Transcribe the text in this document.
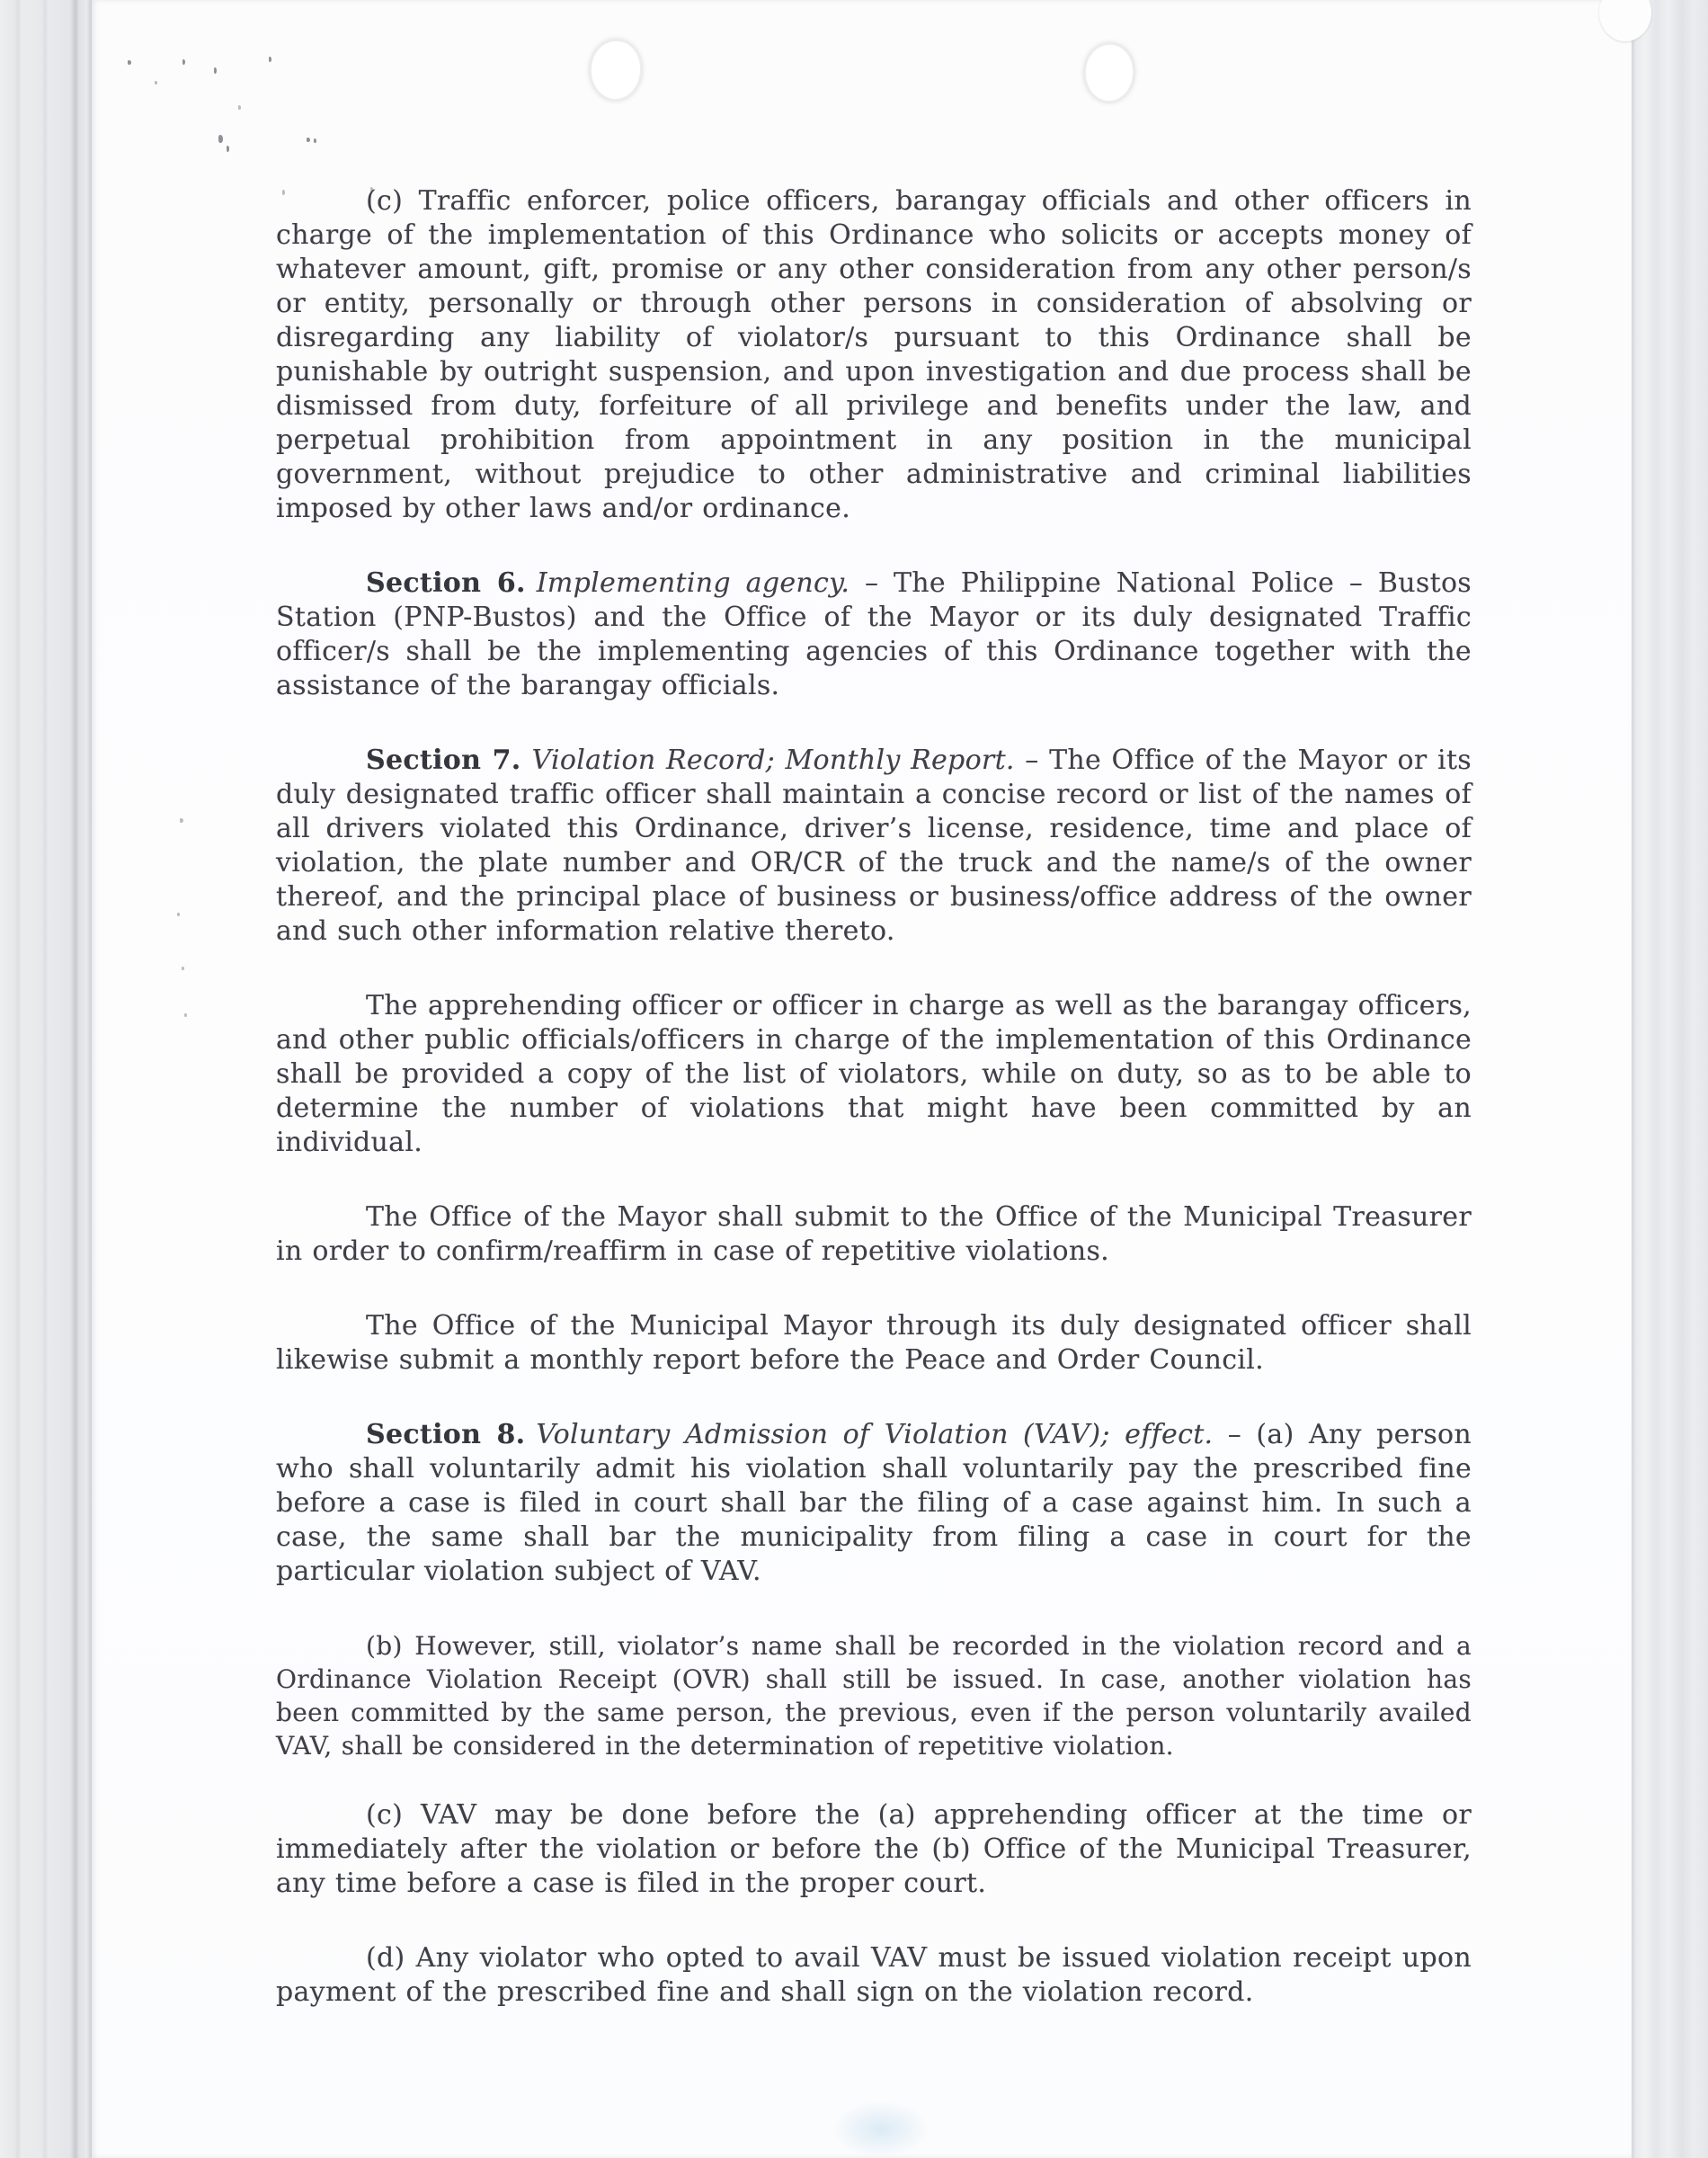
(c) Traffic enforcer, police officers, barangay officials and other officers in charge of the implementation of this Ordinance who solicits or accepts money of whatever amount, gift, promise or any other consideration from any other person/s or entity, personally or through other persons in consideration of absolving or disregarding any liability of violator/s pursuant to this Ordinance shall be punishable by outright suspension, and upon investigation and due process shall be dismissed from duty, forfeiture of all privilege and benefits under the law, and perpetual prohibition from appointment in any position in the municipal government, without prejudice to other administrative and criminal liabilities imposed by other laws and/or ordinance.

Section 6. Implementing agency. – The Philippine National Police – Bustos Station (PNP-Bustos) and the Office of the Mayor or its duly designated Traffic officer/s shall be the implementing agencies of this Ordinance together with the assistance of the barangay officials.

Section 7. Violation Record; Monthly Report. – The Office of the Mayor or its duly designated traffic officer shall maintain a concise record or list of the names of all drivers violated this Ordinance, driver’s license, residence, time and place of violation, the plate number and OR/CR of the truck and the name/s of the owner thereof, and the principal place of business or business/office address of the owner and such other information relative thereto.

The apprehending officer or officer in charge as well as the barangay officers, and other public officials/officers in charge of the implementation of this Ordinance shall be provided a copy of the list of violators, while on duty, so as to be able to determine the number of violations that might have been committed by an individual.

The Office of the Mayor shall submit to the Office of the Municipal Treasurer in order to confirm/reaffirm in case of repetitive violations.

The Office of the Municipal Mayor through its duly designated officer shall likewise submit a monthly report before the Peace and Order Council.

Section 8. Voluntary Admission of Violation (VAV); effect. – (a) Any person who shall voluntarily admit his violation shall voluntarily pay the prescribed fine before a case is filed in court shall bar the filing of a case against him. In such a case, the same shall bar the municipality from filing a case in court for the particular violation subject of VAV.

(b) However, still, violator’s name shall be recorded in the violation record and a Ordinance Violation Receipt (OVR) shall still be issued. In case, another violation has been committed by the same person, the previous, even if the person voluntarily availed VAV, shall be considered in the determination of repetitive violation.

(c) VAV may be done before the (a) apprehending officer at the time or immediately after the violation or before the (b) Office of the Municipal Treasurer, any time before a case is filed in the proper court.

(d) Any violator who opted to avail VAV must be issued violation receipt upon payment of the prescribed fine and shall sign on the violation record.
